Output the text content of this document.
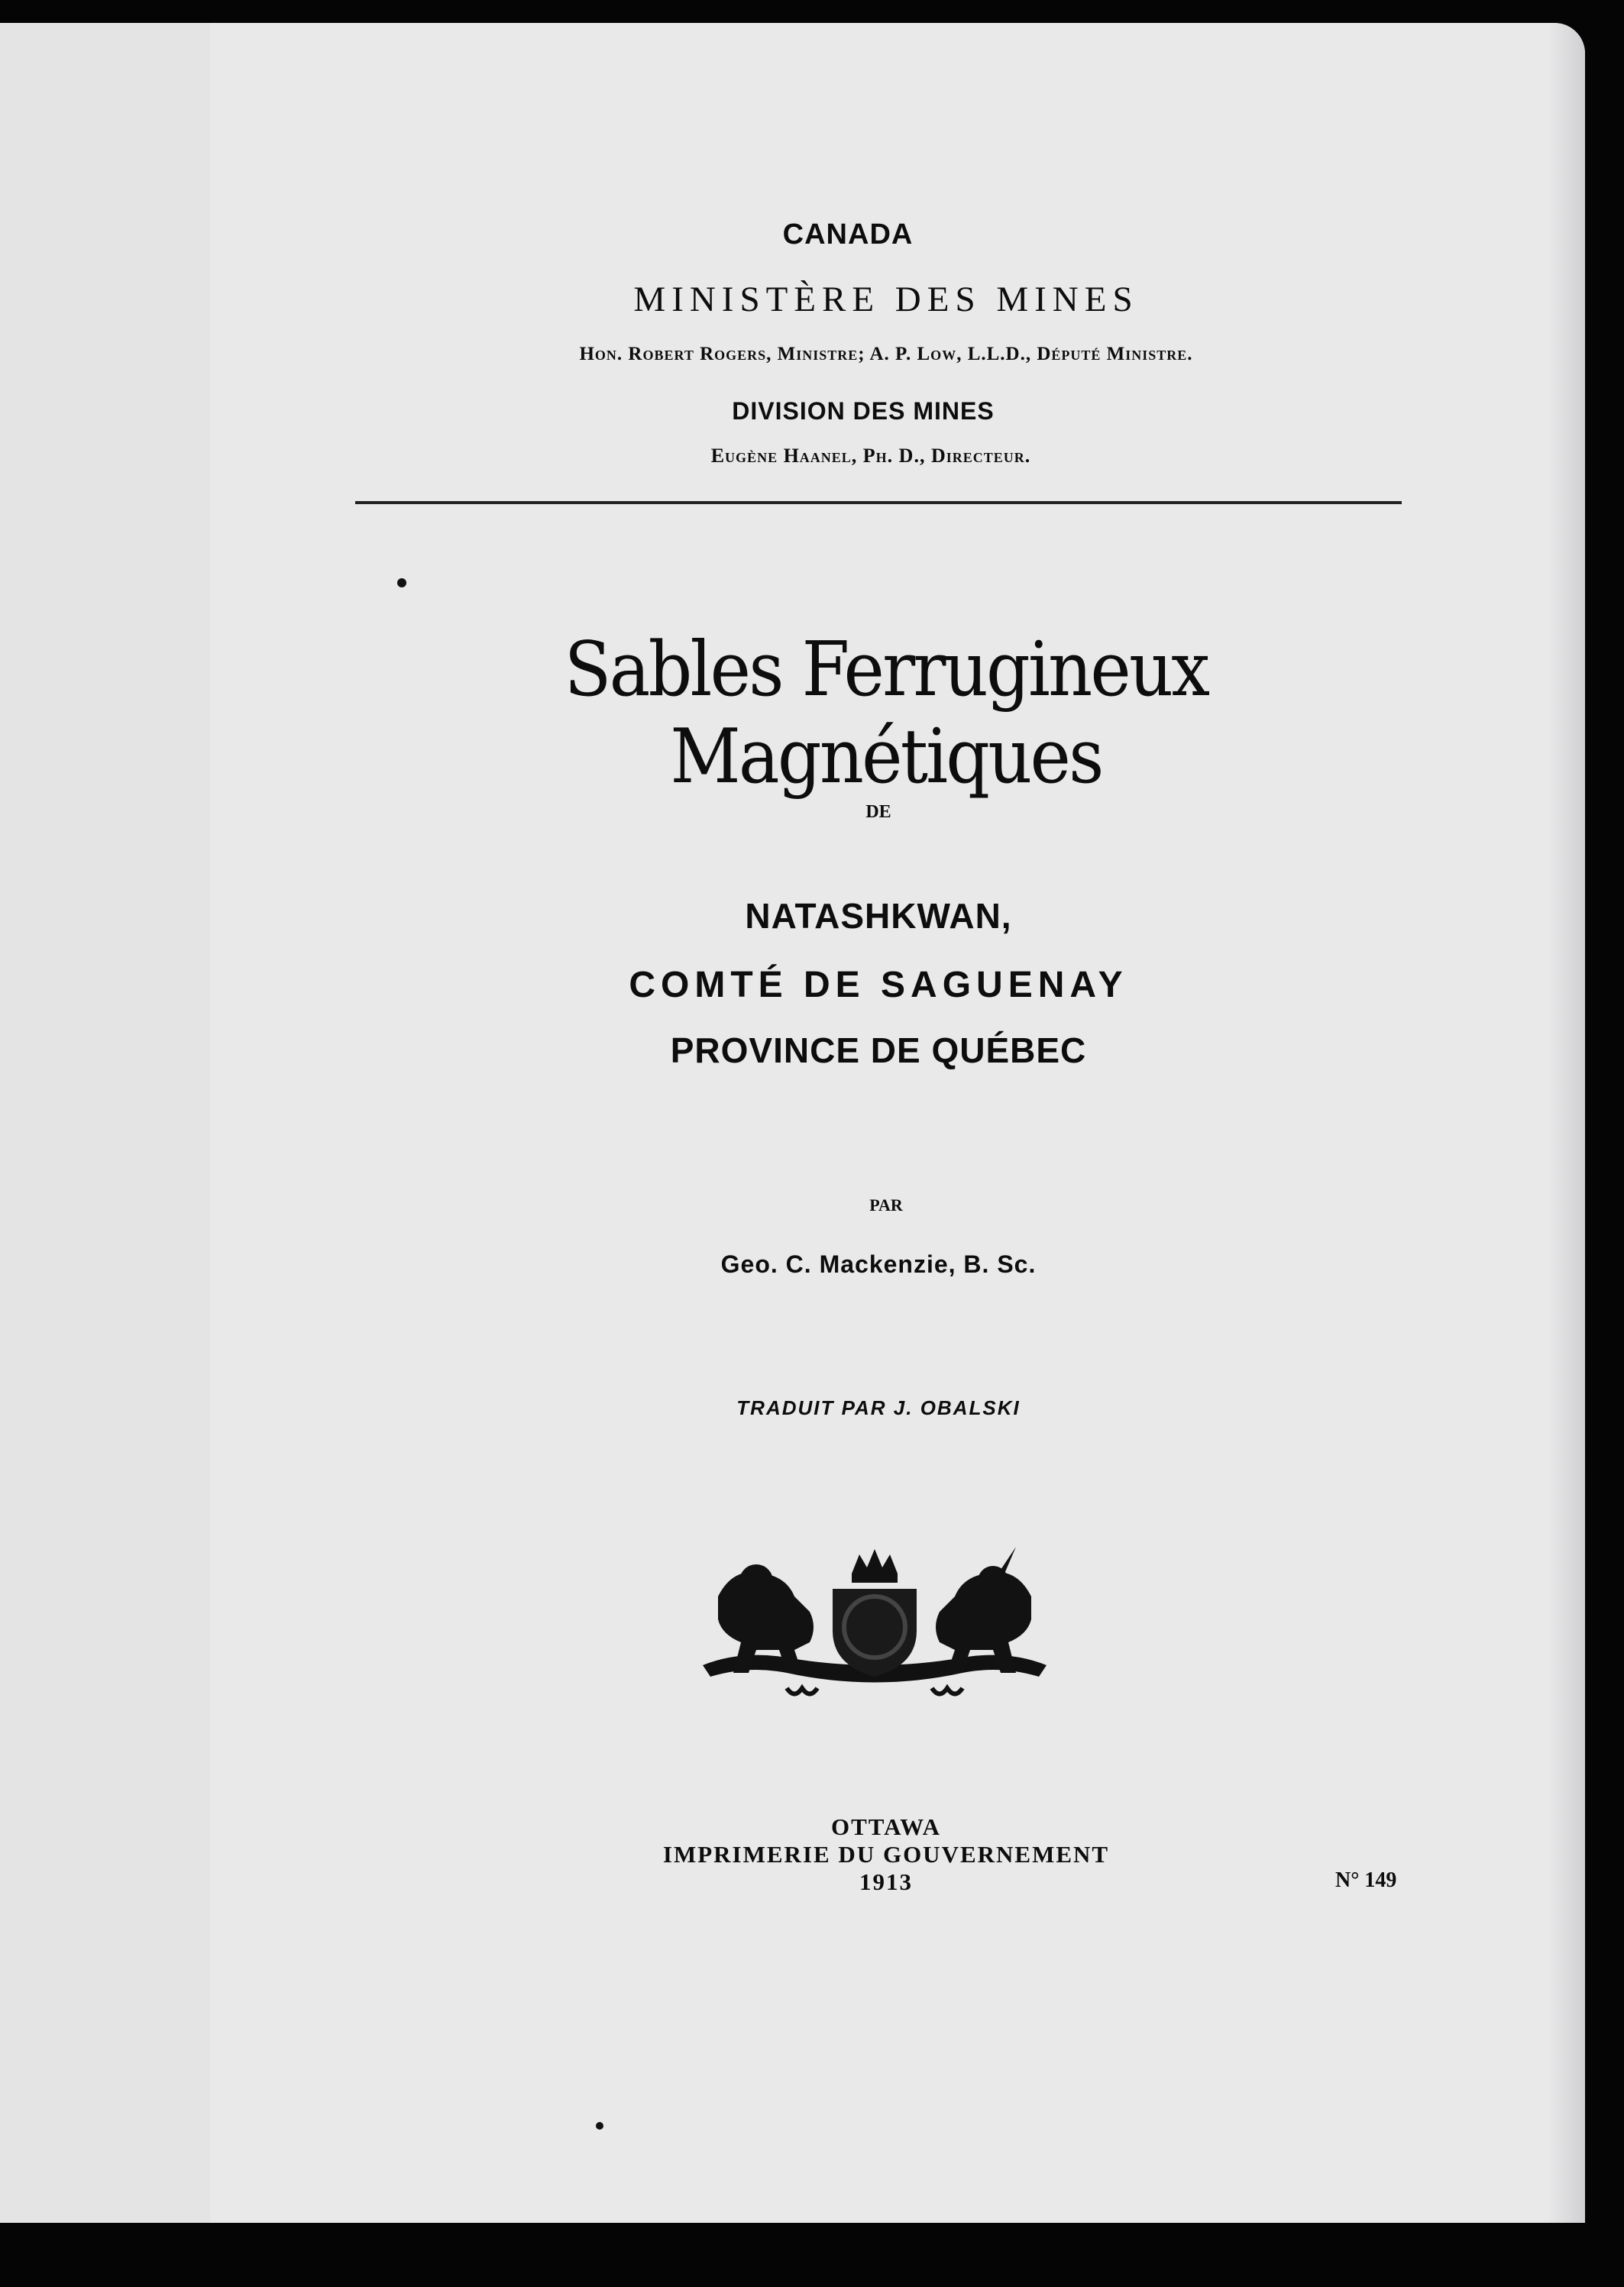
CANADA
MINISTÈRE DES MINES
Hon. Robert Rogers, Ministre; A. P. Low, L.L.D., Député Ministre.
DIVISION DES MINES
Eugène Haanel, Ph. D., Directeur.
Sables Ferrugineux Magnétiques
DE
NATASHKWAN,
COMTÉ DE SAGUENAY
PROVINCE DE QUÉBEC
PAR
Geo. C. Mackenzie, B. Sc.
TRADUIT PAR J. OBALSKI
OTTAWA
IMPRIMERIE DU GOUVERNEMENT
1913	N° 149
